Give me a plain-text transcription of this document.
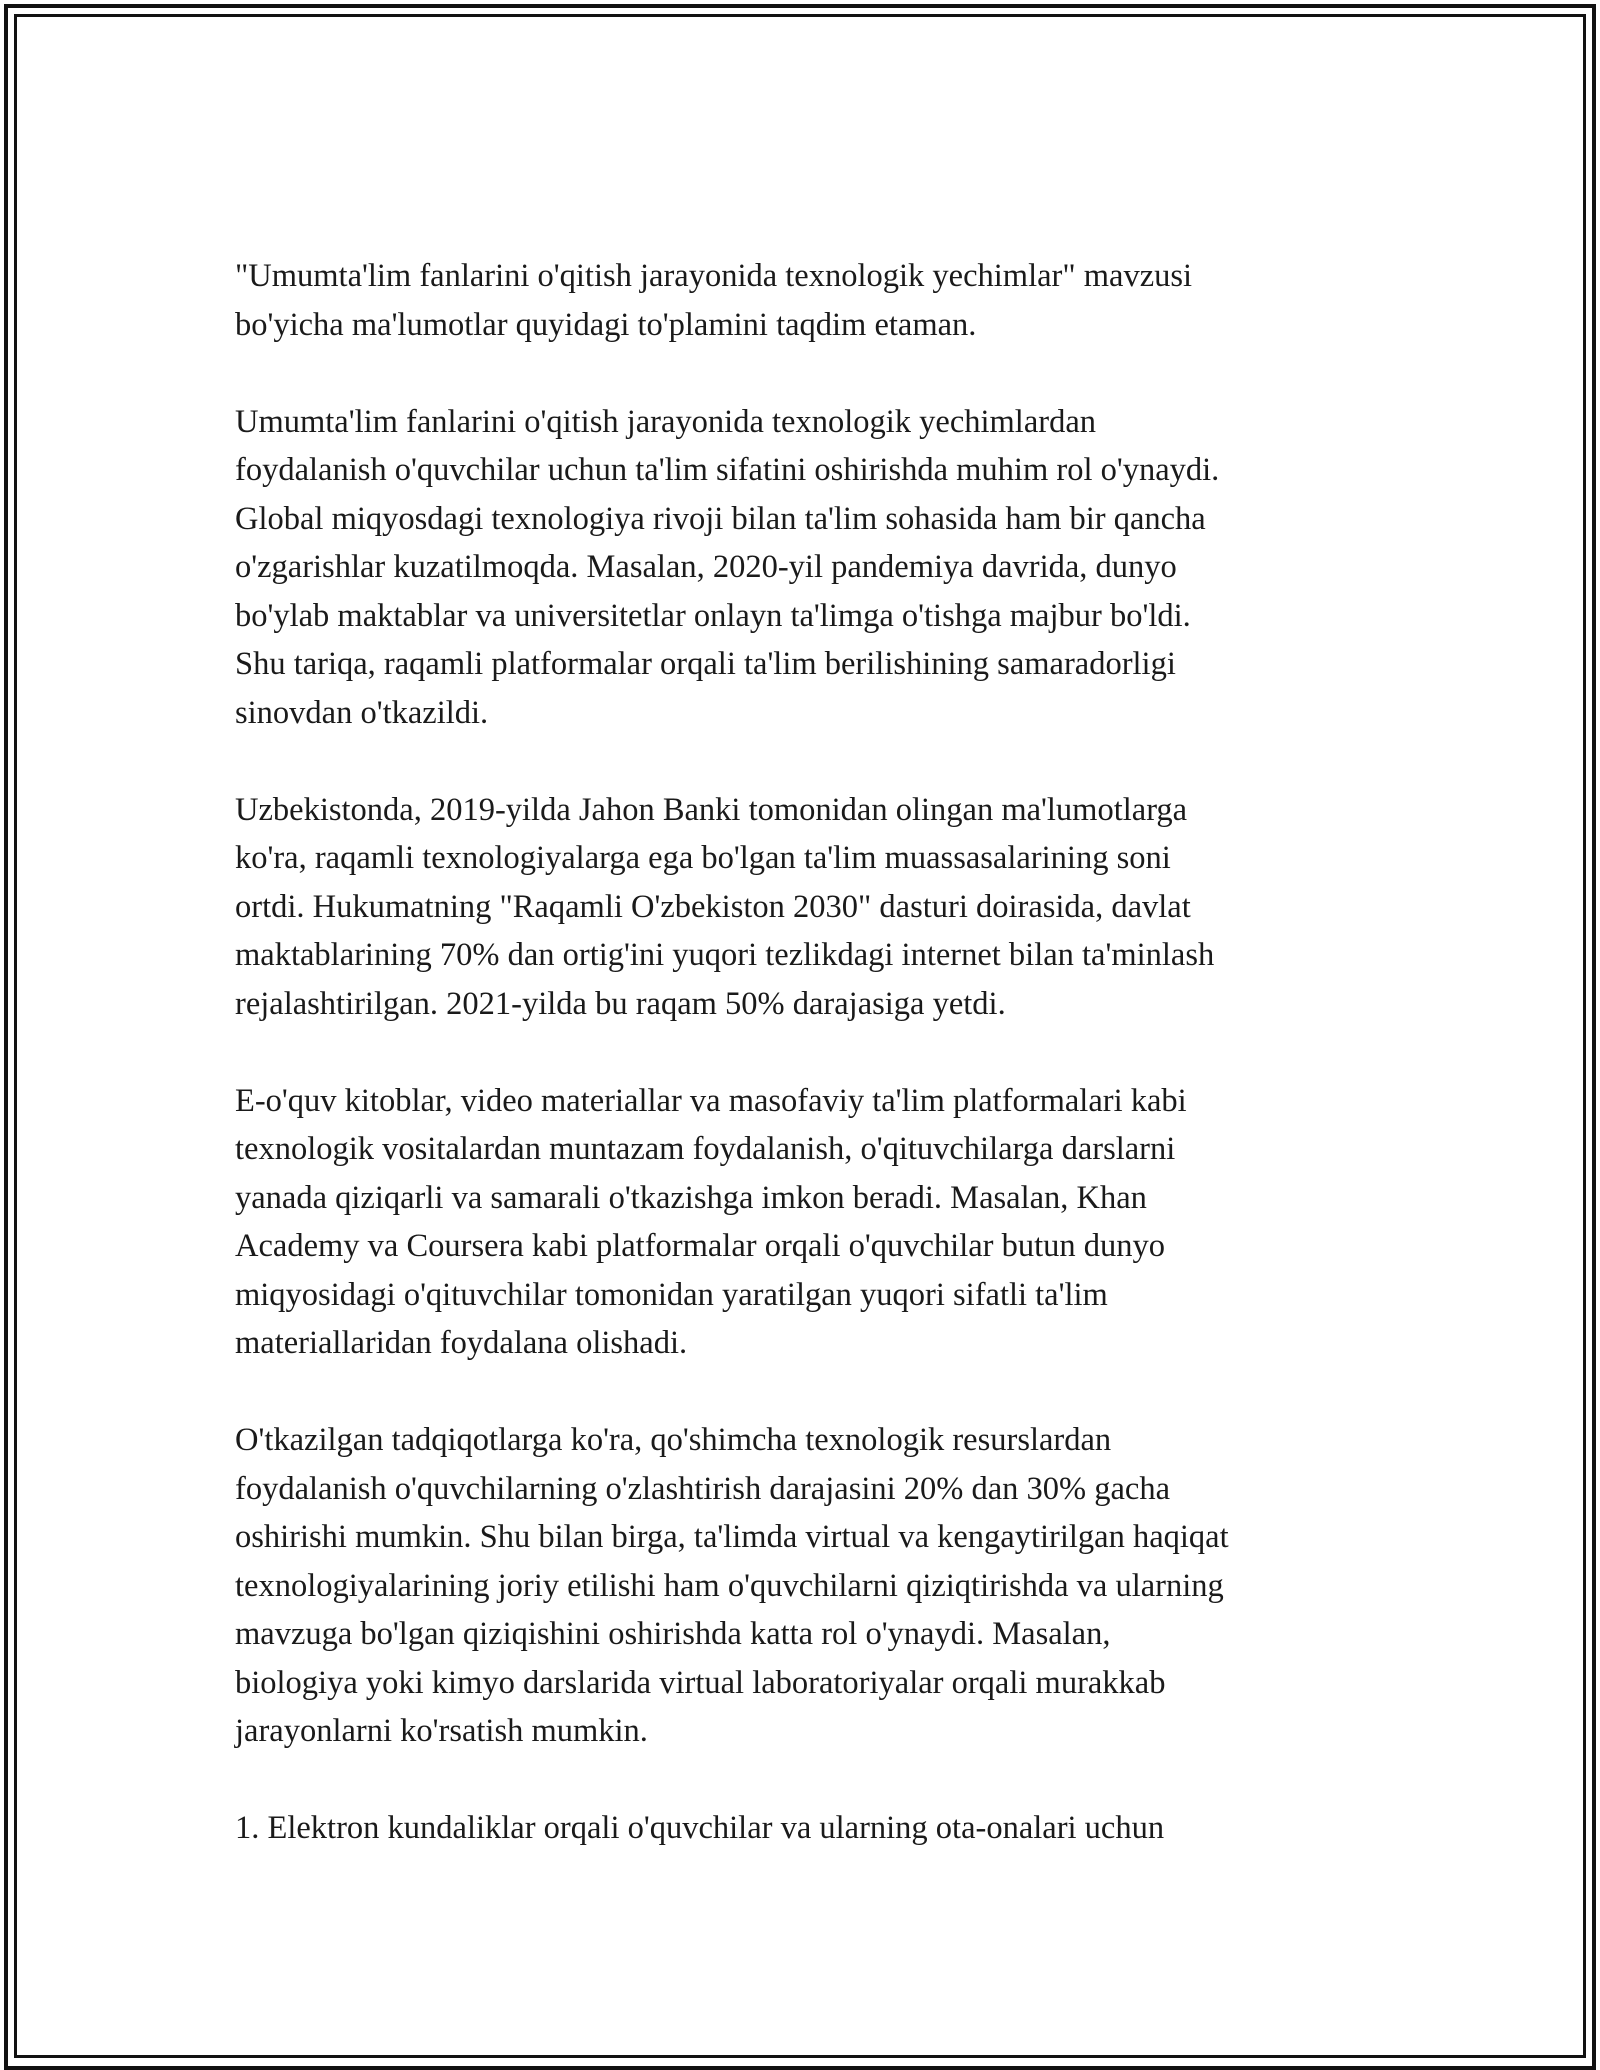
"Umumta'lim fanlarini o'qitish jarayonida texnologik yechimlar" mavzusi
bo'yicha ma'lumotlar quyidagi to'plamini taqdim etaman.

Umumta'lim fanlarini o'qitish jarayonida texnologik yechimlardan
foydalanish o'quvchilar uchun ta'lim sifatini oshirishda muhim rol o'ynaydi.
Global miqyosdagi texnologiya rivoji bilan ta'lim sohasida ham bir qancha
o'zgarishlar kuzatilmoqda. Masalan, 2020-yil pandemiya davrida, dunyo
bo'ylab maktablar va universitetlar onlayn ta'limga o'tishga majbur bo'ldi.
Shu tariqa, raqamli platformalar orqali ta'lim berilishining samaradorligi
sinovdan o'tkazildi.

Uzbekistonda, 2019-yilda Jahon Banki tomonidan olingan ma'lumotlarga
ko'ra, raqamli texnologiyalarga ega bo'lgan ta'lim muassasalarining soni
ortdi. Hukumatning "Raqamli O'zbekiston 2030" dasturi doirasida, davlat
maktablarining 70% dan ortig'ini yuqori tezlikdagi internet bilan ta'minlash
rejalashtirilgan. 2021-yilda bu raqam 50% darajasiga yetdi.

E-o'quv kitoblar, video materiallar va masofaviy ta'lim platformalari kabi
texnologik vositalardan muntazam foydalanish, o'qituvchilarga darslarni
yanada qiziqarli va samarali o'tkazishga imkon beradi. Masalan, Khan
Academy va Coursera kabi platformalar orqali o'quvchilar butun dunyo
miqyosidagi o'qituvchilar tomonidan yaratilgan yuqori sifatli ta'lim
materiallaridan foydalana olishadi.

O'tkazilgan tadqiqotlarga ko'ra, qo'shimcha texnologik resurslardan
foydalanish o'quvchilarning o'zlashtirish darajasini 20% dan 30% gacha
oshirishi mumkin. Shu bilan birga, ta'limda virtual va kengaytirilgan haqiqat
texnologiyalarining joriy etilishi ham o'quvchilarni qiziqtirishda va ularning
mavzuga bo'lgan qiziqishini oshirishda katta rol o'ynaydi. Masalan,
biologiya yoki kimyo darslarida virtual laboratoriyalar orqali murakkab
jarayonlarni ko'rsatish mumkin.

1. Elektron kundaliklar orqali o'quvchilar va ularning ota-onalari uchun
